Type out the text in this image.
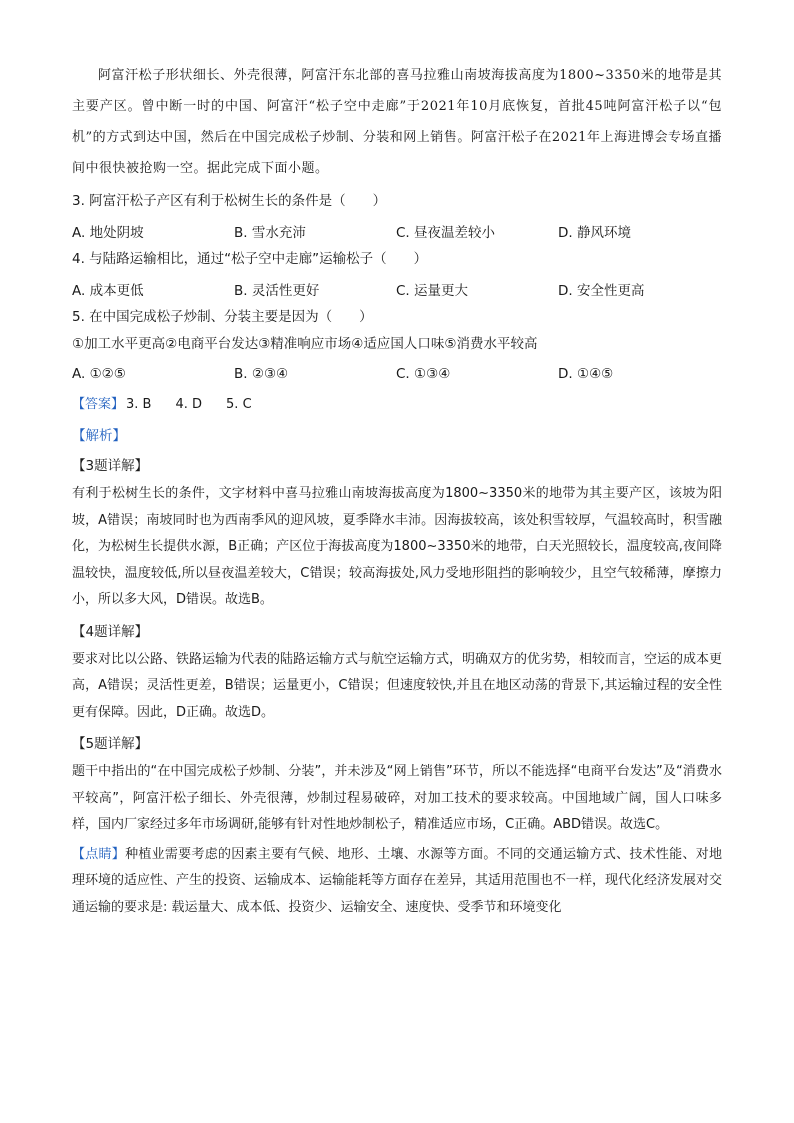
阿富汗松子形状细长、外壳很薄，阿富汗东北部的喜马拉雅山南坡海拔高度为1800~3350米的地带是其主要产区。曾中断一时的中国、阿富汗“松子空中走廊”于2021年10月底恢复，首批45吨阿富汗松子以“包机”的方式到达中国，然后在中国完成松子炒制、分装和网上销售。阿富汗松子在2021年上海进博会专场直播间中很快被抢购一空。据此完成下面小题。

3. 阿富汗松子产区有利于松树生长的条件是（　　）

A. 地处阴坡	B. 雪水充沛	C. 昼夜温差较小	D. 静风环境

4. 与陆路运输相比，通过“松子空中走廊”运输松子（　　）

A. 成本更低	B. 灵活性更好	C. 运量更大	D. 安全性更高

5. 在中国完成松子炒制、分装主要是因为（　　）

①加工水平更高②电商平台发达③精准响应市场④适应国人口味⑤消费水平较高

A. ①②⑤	B. ②③④	C. ①③④	D. ①④⑤
【答案】 3. B 4. D 5. C
【解析】
【3题详解】

有利于松树生长的条件，文字材料中喜马拉雅山南坡海拔高度为1800~3350米的地带为其主要产区，该坡为阳坡，A错误；南坡同时也为西南季风的迎风坡，夏季降水丰沛。因海拔较高，该处积雪较厚，气温较高时，积雪融化，为松树生长提供水源，B正确；产区位于海拔高度为1800~3350米的地带，白天光照较长，温度较高,夜间降温较快，温度较低,所以昼夜温差较大，C错误；较高海拔处,风力受地形阻挡的影响较少，且空气较稀薄，摩擦力小，所以多大风，D错误。故选B。

【4题详解】

要求对比以公路、铁路运输为代表的陆路运输方式与航空运输方式，明确双方的优劣势，相较而言，空运的成本更高，A错误；灵活性更差，B错误；运量更小，C错误；但速度较快,并且在地区动荡的背景下,其运输过程的安全性更有保障。因此，D正确。故选D。

【5题详解】

题干中指出的“在中国完成松子炒制、分装”，并未涉及“网上销售”环节，所以不能选择“电商平台发达”及“消费水平较高”，阿富汗松子细长、外壳很薄，炒制过程易破碎，对加工技术的要求较高。中国地域广阔，国人口味多样，国内厂家经过多年市场调研,能够有针对性地炒制松子，精准适应市场，C正确。ABD错误。故选C。

【点睛】种植业需要考虑的因素主要有气候、地形、土壤、水源等方面。不同的交通运输方式、技术性能、对地理环境的适应性、产生的投资、运输成本、运输能耗等方面存在差异，其适用范围也不一样，现代化经济发展对交通运输的要求是: 载运量大、成本低、投资少、运输安全、速度快、受季节和环境变化
